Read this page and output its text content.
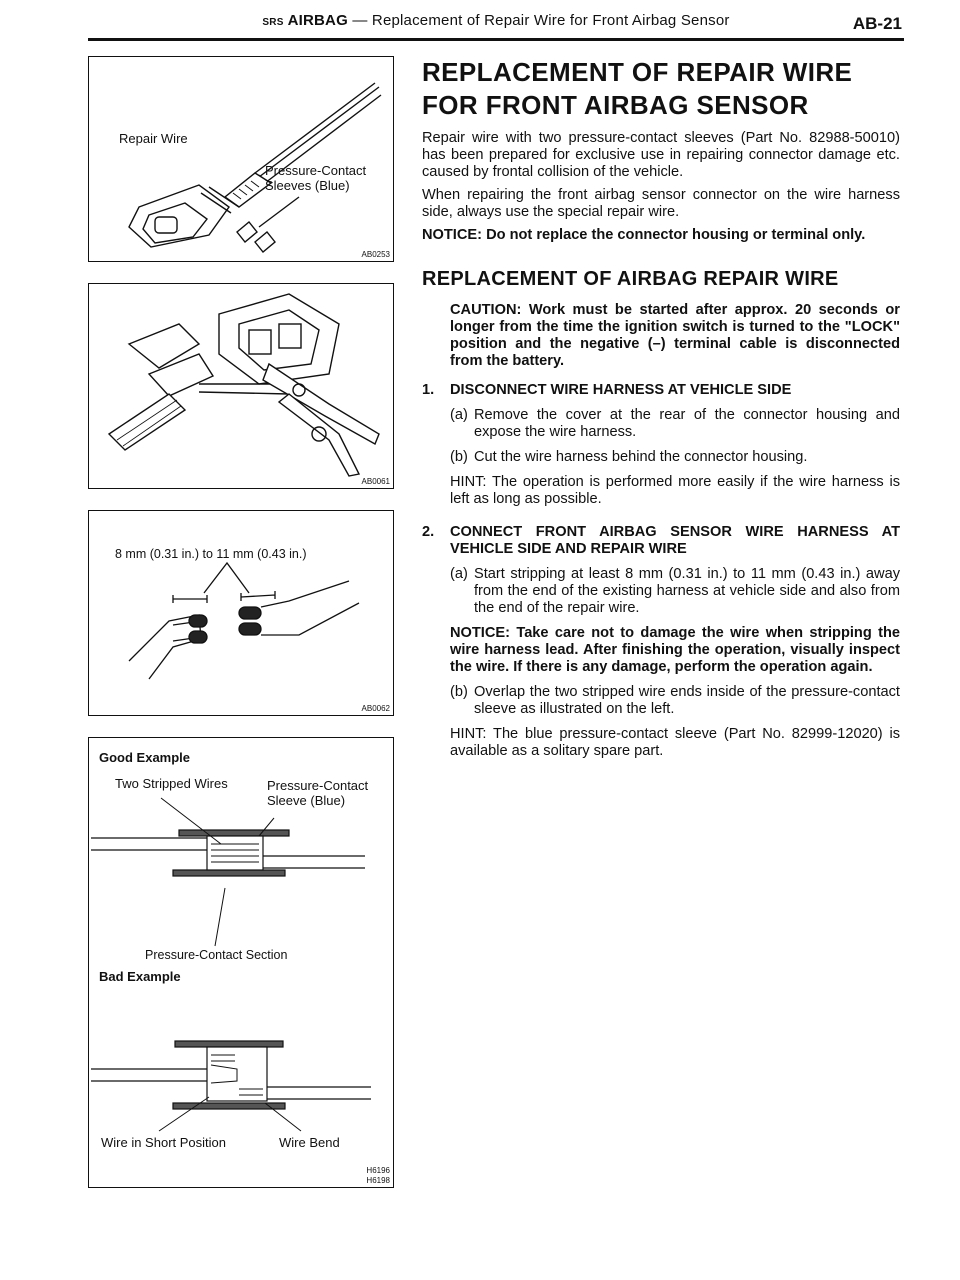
SRS AIRBAG — Replacement of Repair Wire for Front Airbag Sensor	AB-21
Repair Wire
Pressure-Contact
Sleeves (Blue)
AB0253
AB0061
8 mm (0.31 in.) to 11 mm (0.43 in.)
AB0062
Good Example
Two Stripped Wires	Pressure-Contact
Sleeve (Blue)
Pressure-Contact Section
Bad Example
Wire in Short Position	Wire Bend
H6196
H6198
REPLACEMENT OF REPAIR WIRE
FOR FRONT AIRBAG SENSOR

Repair wire with two pressure-contact sleeves (Part No. 82988-50010) has been prepared for exclusive use in repairing connector damage etc. caused by frontal collision of the vehicle.

When repairing the front airbag sensor connector on the wire harness side, always use the special repair wire.

NOTICE: Do not replace the connector housing or terminal only.

REPLACEMENT OF AIRBAG REPAIR WIRE

CAUTION: Work must be started after approx. 20 seconds or longer from the time the ignition switch is turned to the "LOCK" position and the negative (–) terminal cable is disconnected from the battery.

1.	DISCONNECT WIRE HARNESS AT VEHICLE SIDE
(a) Remove the cover at the rear of the connector housing and expose the wire harness.
(b) Cut the wire harness behind the connector housing.

HINT: The operation is performed more easily if the wire harness is left as long as possible.

2.	CONNECT FRONT AIRBAG SENSOR WIRE HARNESS AT VEHICLE SIDE AND REPAIR WIRE
(a) Start stripping at least 8 mm (0.31 in.) to 11 mm (0.43 in.) away from the end of the existing harness at vehicle side and also from the end of the repair wire.

NOTICE: Take care not to damage the wire when stripping the wire harness lead. After finishing the operation, visually inspect the wire. If there is any damage, perform the operation again.

(b) Overlap the two stripped wire ends inside of the pressure-contact sleeve as illustrated on the left.

HINT: The blue pressure-contact sleeve (Part No. 82999-12020) is available as a solitary spare part.
